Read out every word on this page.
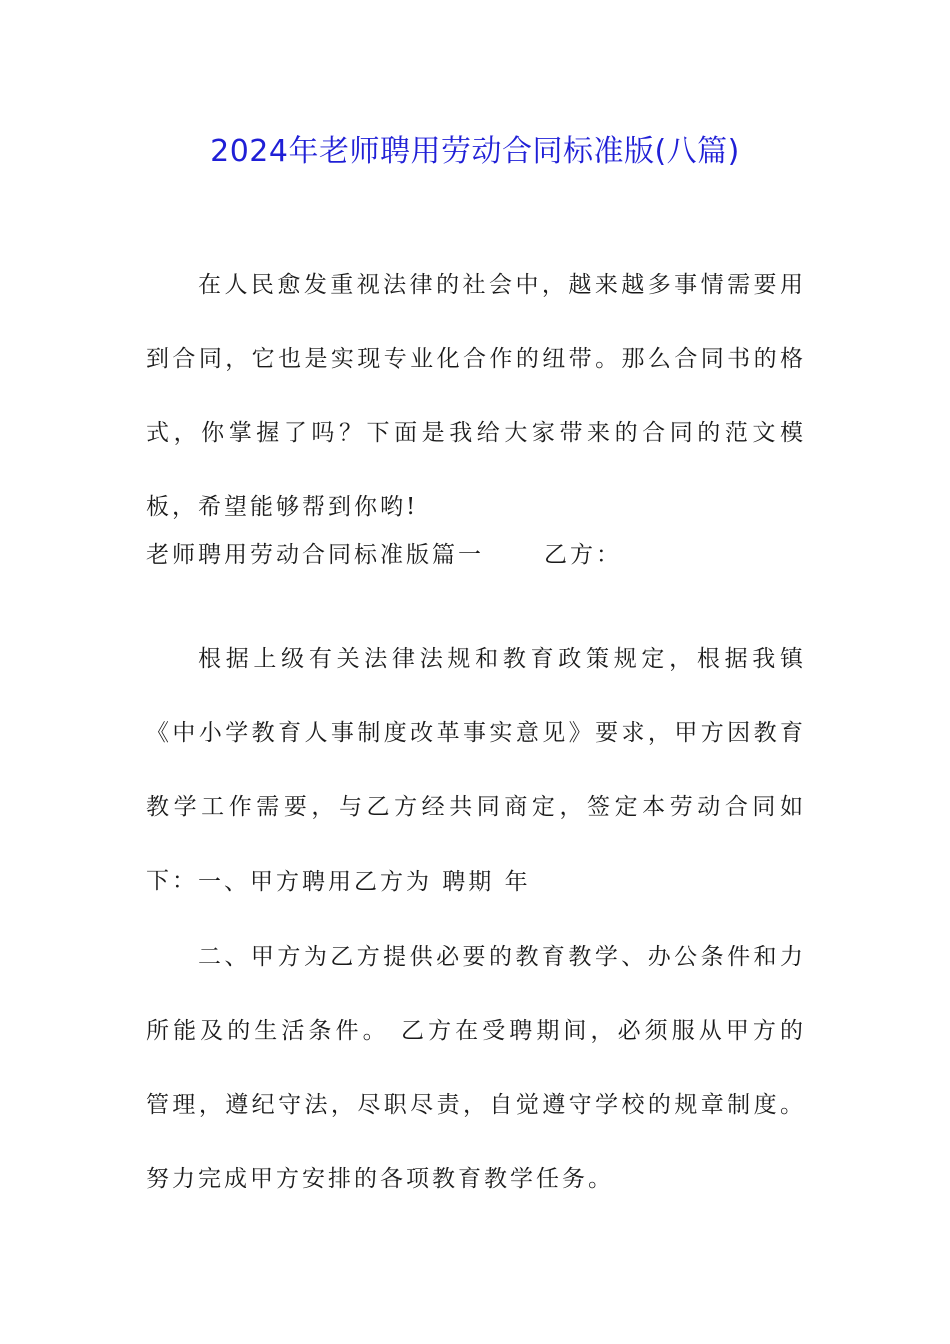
2024年老师聘用劳动合同标准版(八篇)

在人民愈发重视法律的社会中，越来越多事情需要用到合同，它也是实现专业化合作的纽带。那么合同书的格式，你掌握了吗？下面是我给大家带来的合同的范文模板，希望能够帮到你哟!

老师聘用劳动合同标准版篇一	乙方：

根据上级有关法律法规和教育政策规定，根据我镇《中小学教育人事制度改革事实意见》要求，甲方因教育教学工作需要，与乙方经共同商定，签定本劳动合同如下： 一、甲方聘用乙方为 聘期 年

二、甲方为乙方提供必要的教育教学、办公条件和力所能及的生活条件。 乙方在受聘期间，必须服从甲方的管理，遵纪守法，尽职尽责，自觉遵守学校的规章制度。努力完成甲方安排的各项教育教学任务。
